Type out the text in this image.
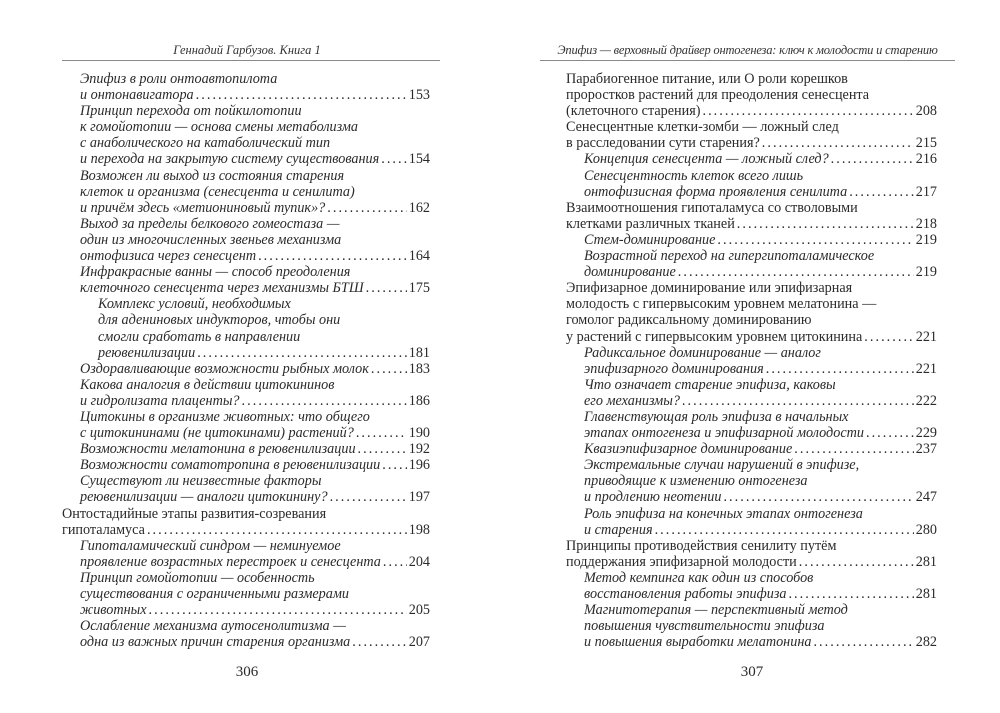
Геннадий Гарбузов. Книга 1
Эпифиз в роли онтоавтопилота
и онтонавигатора . . .	153
Принцип перехода от пойкилотопии
к гомойотопии — основа смены метаболизма
с анаболического на катаболический тип
и перехода на закрытую систему существования . . . 154
Возможен ли выход из состояния старения
клеток и организма (сенесцента и сенилита)
и причём здесь «метиониновый тупик»? . . .	162
Выход за пределы белкового гомеостаза —
один из многочисленных звеньев механизма
онтофизиса через сенесцент . . .	164
Инфракрасные ванны — способ преодоления
клеточного сенесцента через механизмы БТШ . . .	175
Комплекс условий, необходимых
для адениновых индукторов, чтобы они
смогли сработать в направлении
реювенилизации . . .	181
Оздоравливающие возможности рыбных молок . . .	183
Какова аналогия в действии цитокининов
и гидролизата плаценты? . . .	186
Цитокины в организме животных: что общего
с цитокининами (не цитокинами) растений? . . .	190
Возможности мелатонина в реювенилизации . . .	192
Возможности соматотропина в реювенилизации . . . 196
Существуют ли неизвестные факторы
реювенилизации — аналоги цитокинину? . . .	197
Онтостадийные этапы развития-созревания
гипоталамуса . . .	198
Гипоталамический синдром — неминуемое
проявление возрастных перестроек и сенесцента . . . 204
Принцип гомойотопии — особенность
существования с ограниченными размерами
животных . . .	205
Ослабление механизма аутосенолитизма —
одна из важных причин старения организма . . .	207
306
Эпифиз — верховный драйвер онтогенеза: ключ к молодости и старению
Парабиогенное питание, или О роли корешков
проростков растений для преодоления сенесцента
(клеточного старения) . . .	208
Сенесцентные клетки-зомби — ложный след
в расследовании сути старения? . . .	215
Концепция сенесцента — ложный след? . . .	216
Сенесцентность клеток всего лишь
онтофизисная форма проявления сенилита . . .	217
Взаимоотношения гипоталамуса со стволовыми
клетками различных тканей . . .	218
Стем-доминирование . . .	219
Возрастной переход на гипергипоталамическое
доминирование . . .	219
Эпифизарное доминирование или эпифизарная
молодость с гипервысоким уровнем мелатонина —
гомолог радиксальному доминированию
у растений с гипервысоким уровнем цитокинина . . .	221
Радиксальное доминирование — аналог
эпифизарного доминирования . . .	221
Что означает старение эпифиза, каковы
его механизмы? . . .	222
Главенствующая роль эпифиза в начальных
этапах онтогенеза и эпифизарной молодости . . .	229
Квазиэпифизарное доминирование . . .	237
Экстремальные случаи нарушений в эпифизе,
приводящие к изменению онтогенеза
и продлению неотении . . .	247
Роль эпифиза на конечных этапах онтогенеза
и старения . . .	280
Принципы противодействия сенилиту путём
поддержания эпифизарной молодости . . .	281
Метод кемпинга как один из способов
восстановления работы эпифиза . . .	281
Магнитотерапия — перспективный метод
повышения чувствительности эпифиза
и повышения выработки мелатонина . . .	282
307
